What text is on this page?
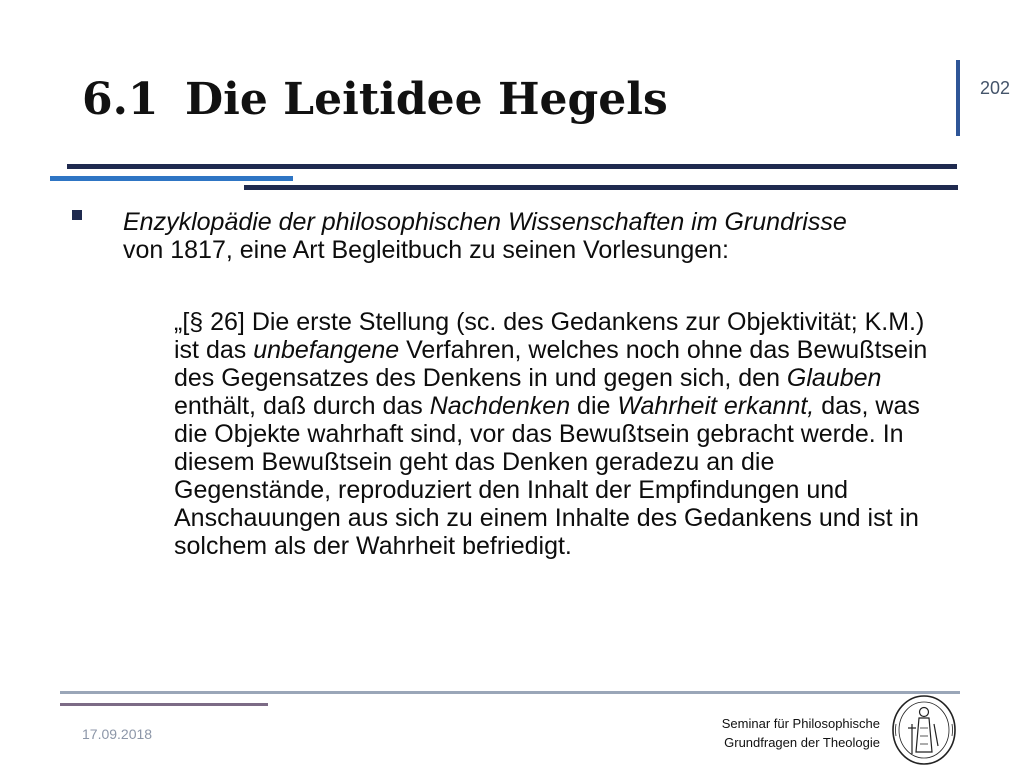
6.1 Die Leitidee Hegels	202

Enzyklopädie der philosophischen Wissenschaften im Grundrisse von 1817, eine Art Begleitbuch zu seinen Vorlesungen:

„[§ 26] Die erste Stellung (sc. des Gedankens zur Objektivität; K.M.) ist das unbefangene Verfahren, welches noch ohne das Bewußtsein des Gegensatzes des Denkens in und gegen sich, den Glauben enthält, daß durch das Nachdenken die Wahrheit erkannt, das, was die Objekte wahrhaft sind, vor das Bewußtsein gebracht werde. In diesem Bewußtsein geht das Denken geradezu an die Gegenstände, reproduziert den Inhalt der Empfindungen und Anschauungen aus sich zu einem Inhalte des Gedankens und ist in solchem als der Wahrheit befriedigt.

17.09.2018
Seminar für Philosophische
Grundfragen der Theologie
